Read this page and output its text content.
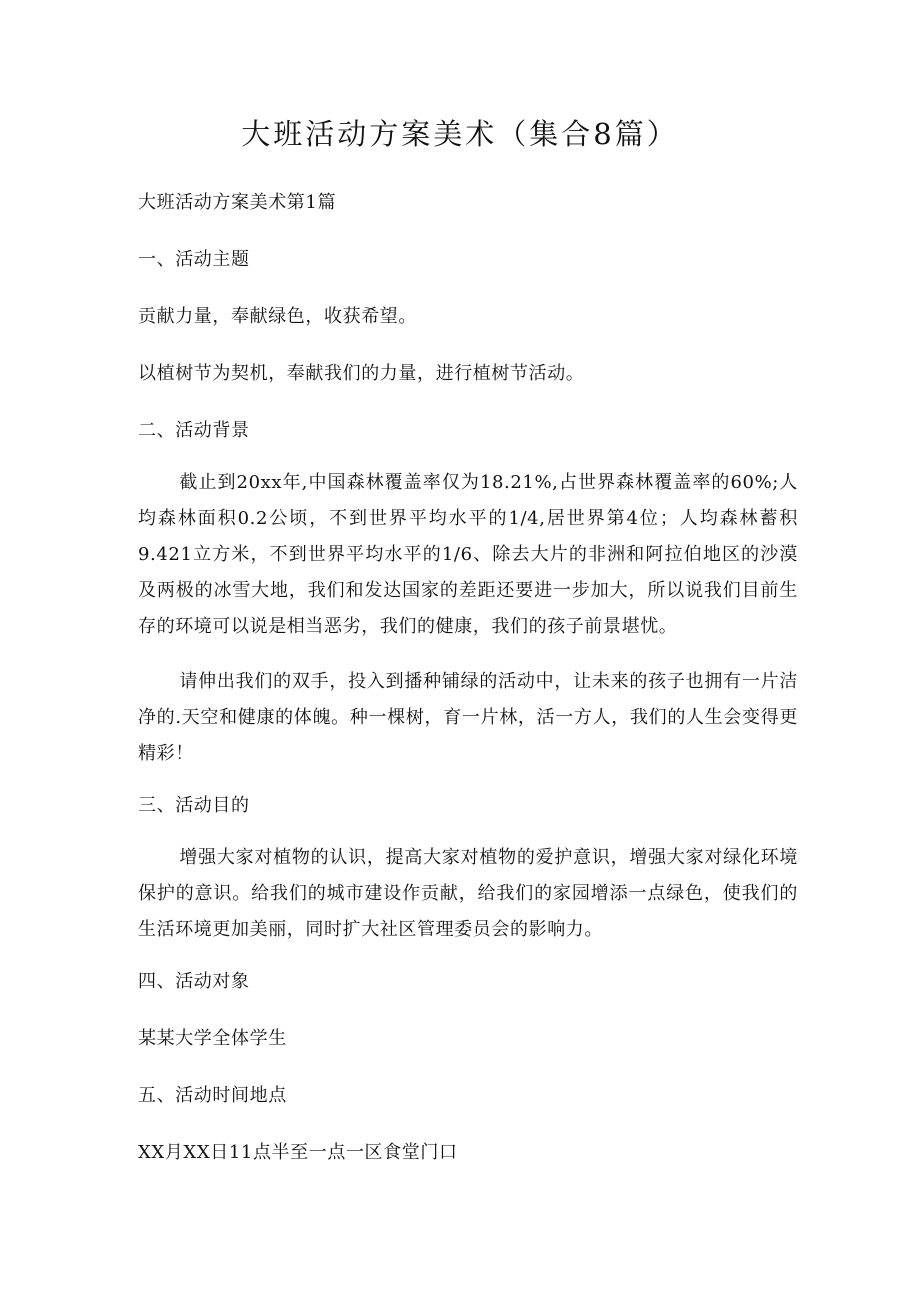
大班活动方案美术（集合8篇）

大班活动方案美术第1篇

一、活动主题

贡献力量，奉献绿色，收获希望。

以植树节为契机，奉献我们的力量，进行植树节活动。

二、活动背景

截止到20xx年,中国森林覆盖率仅为18.21%,占世界森林覆盖率的60%;人均森林面积0.2公顷，不到世界平均水平的1/4,居世界第4位；人均森林蓄积9.421立方米，不到世界平均水平的1/6、除去大片的非洲和阿拉伯地区的沙漠及两极的冰雪大地，我们和发达国家的差距还要进一步加大，所以说我们目前生存的环境可以说是相当恶劣，我们的健康，我们的孩子前景堪忧。

请伸出我们的双手，投入到播种铺绿的活动中，让未来的孩子也拥有一片洁净的.天空和健康的体魄。种一棵树，育一片林，活一方人，我们的人生会变得更精彩！

三、活动目的

增强大家对植物的认识，提高大家对植物的爱护意识，增强大家对绿化环境保护的意识。给我们的城市建设作贡献，给我们的家园增添一点绿色，使我们的生活环境更加美丽，同时扩大社区管理委员会的影响力。

四、活动对象

某某大学全体学生

五、活动时间地点

XX月XX日11点半至一点一区食堂门口
